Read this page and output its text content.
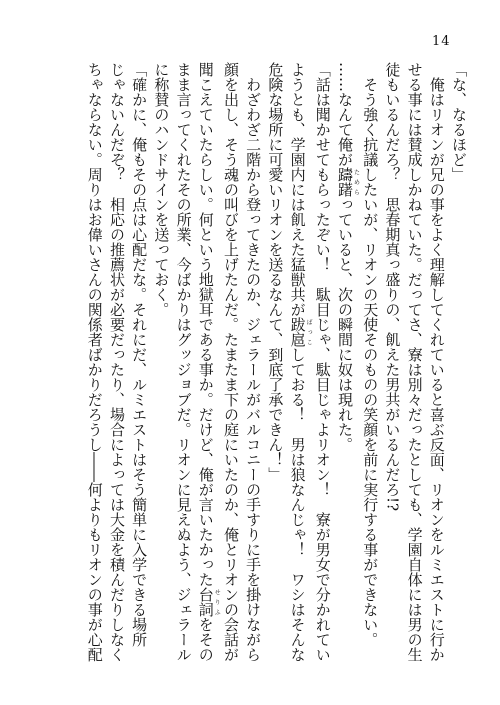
14
「な、なるほど」
　俺はリオンが兄の事をよく理解してくれていると喜ぶ反面、リオンをルミエストに行か
せる事には賛成しかねていた。だってさ、寮は別々だったとしても、学園自体には男の生
徒もいるんだろ？　思春期真っ盛りの、飢えた男共がいるんだろ!?
　そう強く抗議したいが、リオンの天使そのものの笑顔を前に実行する事ができない。
……なんて俺が躊躇ためらっていると、次の瞬間に奴は現れた。
「話は聞かせてもらったぞい！　駄目じゃ、駄目じゃよリオン！　寮が男女で分かれてい
ようとも、学園内には飢えた猛獣共が跋扈ばっこしておる！　男は狼なんじゃ！　ワシはそんな
危険な場所に可愛いリオンを送るなんて、到底了承できん！」
　わざわざ二階から登ってきたのか、ジェラールがバルコニーの手すりに手を掛けながら
顔を出し、そう魂の叫びを上げたんだ。たまたま下の庭にいたのか、俺とリオンの会話が
聞こえていたらしい。何という地獄耳である事か。だけど、俺が言いたかった台詞せりふをその
まま言ってくれたその所業、今ばかりはグッジョブだ。リオンに見えぬよう、ジェラール
に称賛のハンドサインを送っておく。
「確かに、俺もその点は心配だな。それにだ、ルミエストはそう簡単に入学できる場所
じゃないんだぞ？　相応の推薦状が必要だったり、場合によっては大金を積んだりしなく
ちゃならない。周りはお偉いさんの関係者ばかりだろうし――何よりもリオンの事が心配
